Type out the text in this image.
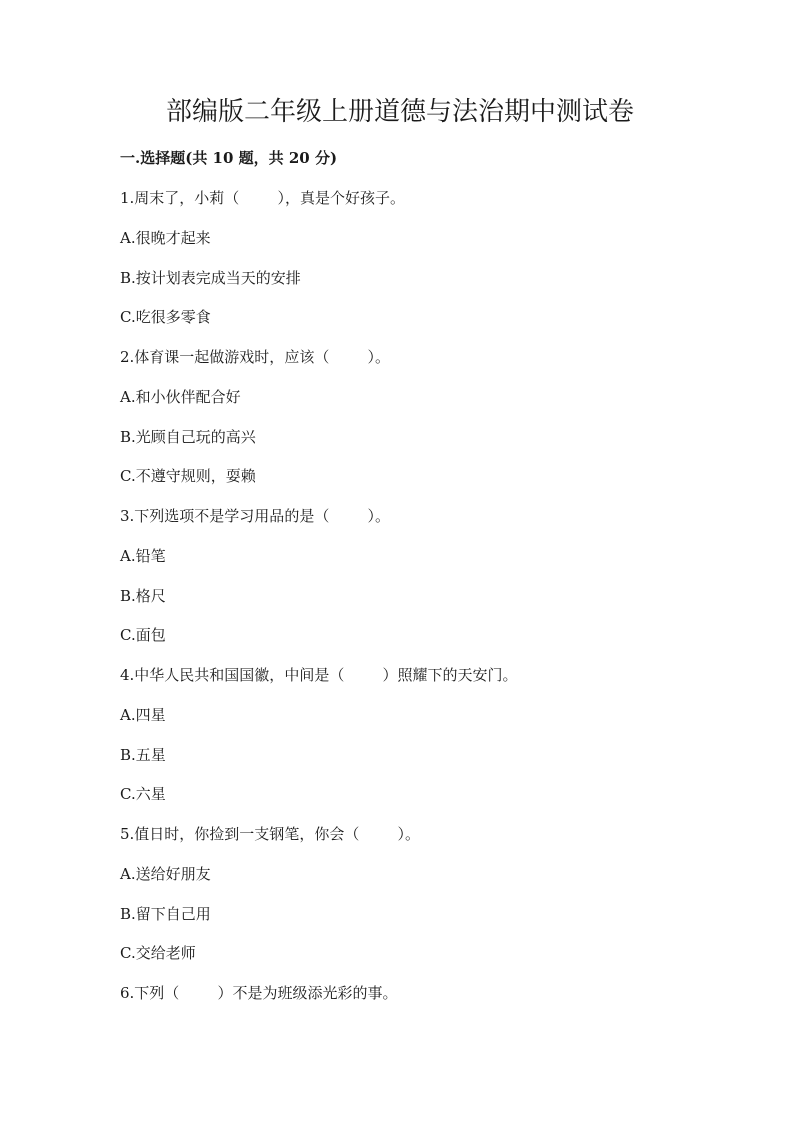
部编版二年级上册道德与法治期中测试卷

一.选择题(共 10 题，共 20 分)

1.周末了，小莉（        ），真是个好孩子。
A.很晚才起来
B.按计划表完成当天的安排
C.吃很多零食
2.体育课一起做游戏时，应该（        ）。
A.和小伙伴配合好
B.光顾自己玩的高兴
C.不遵守规则，耍赖
3.下列选项不是学习用品的是（        ）。
A.铅笔
B.格尺
C.面包
4.中华人民共和国国徽，中间是（        ）照耀下的天安门。
A.四星
B.五星
C.六星
5.值日时，你捡到一支钢笔，你会（        ）。
A.送给好朋友
B.留下自己用
C.交给老师
6.下列（        ）不是为班级添光彩的事。
